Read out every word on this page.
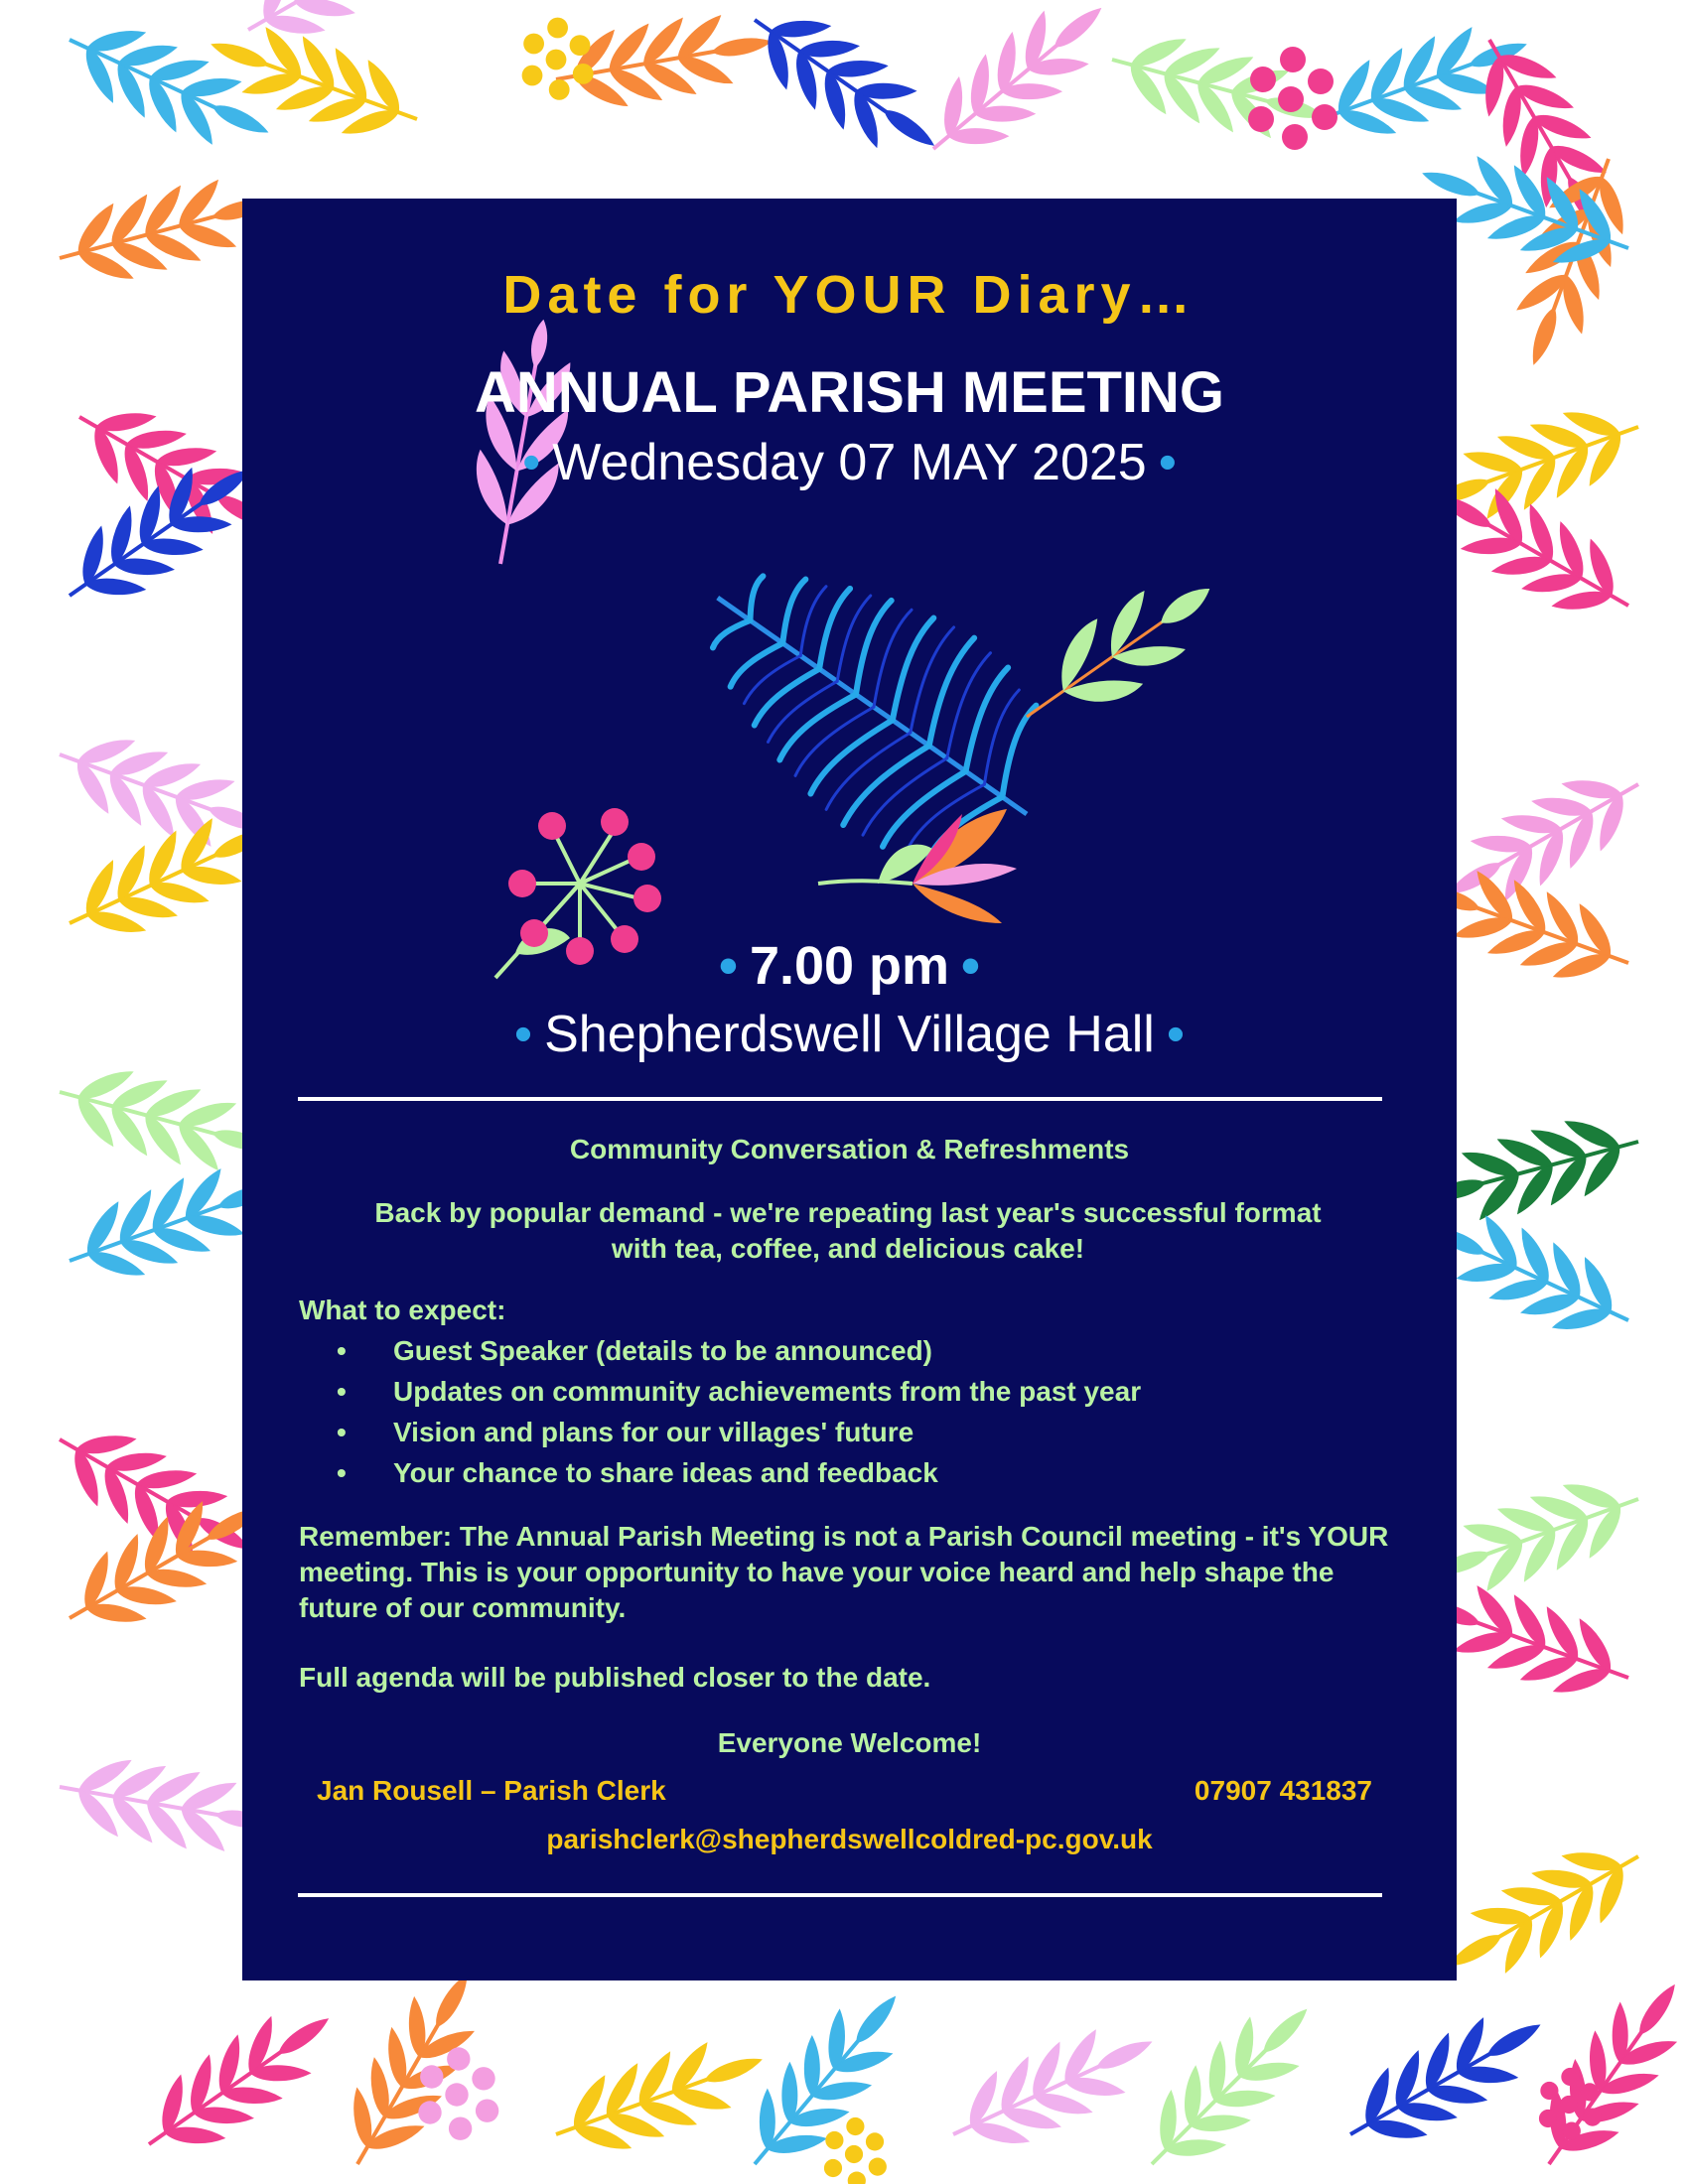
Date for YOUR Diary…
ANNUAL PARISH MEETING
• Wednesday 07 MAY 2025 •
• 7.00 pm •
• Shepherdswell Village Hall •
Community Conversation & Refreshments
Back by popular demand - we're repeating last year's successful format with tea, coffee, and delicious cake!
What to expect:
• Guest Speaker (details to be announced)
• Updates on community achievements from the past year
• Vision and plans for our villages' future
• Your chance to share ideas and feedback
Remember: The Annual Parish Meeting is not a Parish Council meeting - it's YOUR meeting. This is your opportunity to have your voice heard and help shape the future of our community.
Full agenda will be published closer to the date.
Everyone Welcome!
Jan Rousell – Parish Clerk	07907 431837
parishclerk@shepherdswellcoldred-pc.gov.uk
